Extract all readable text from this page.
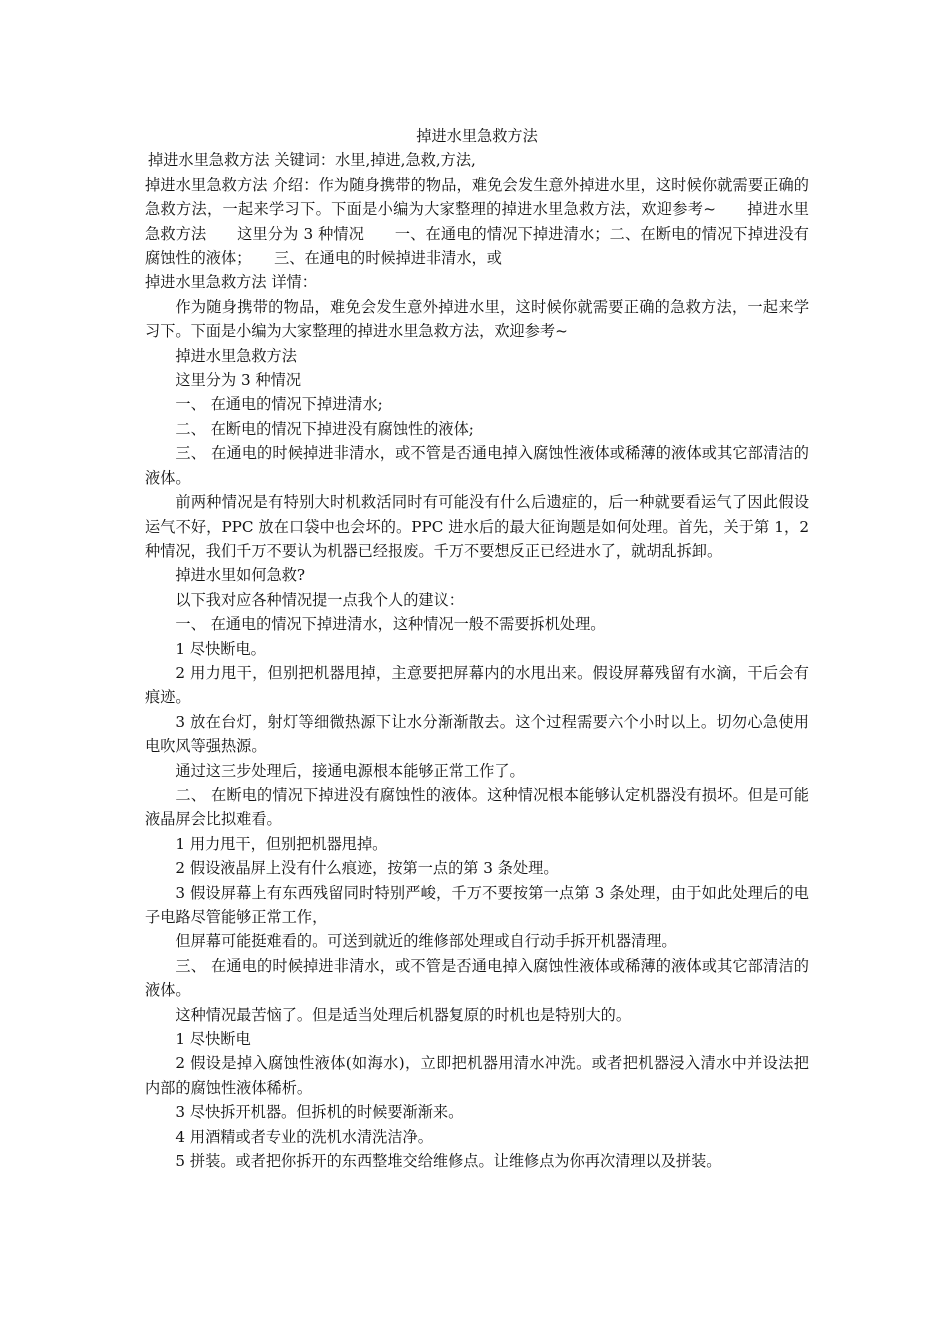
掉进水里急救方法

掉进水里急救方法 关键词：水里,掉进,急救,方法,

掉进水里急救方法 介绍：作为随身携带的物品，难免会发生意外掉进水里，这时候你就需要正确的急救方法，一起来学习下。下面是小编为大家整理的掉进水里急救方法，欢迎参考~　　掉进水里急救方法　　这里分为 3 种情况　　一、在通电的情况下掉进清水；二、在断电的情况下掉进没有腐蚀性的液体；　　三、在通电的时候掉进非清水，或

掉进水里急救方法 详情：

作为随身携带的物品，难免会发生意外掉进水里，这时候你就需要正确的急救方法，一起来学习下。下面是小编为大家整理的掉进水里急救方法，欢迎参考~

掉进水里急救方法

这里分为 3 种情况

一、 在通电的情况下掉进清水;

二、 在断电的情况下掉进没有腐蚀性的液体;

三、 在通电的时候掉进非清水，或不管是否通电掉入腐蚀性液体或稀薄的液体或其它部清洁的液体。

前两种情况是有特别大时机救活同时有可能没有什么后遗症的，后一种就要看运气了因此假设运气不好，PPC 放在口袋中也会坏的。PPC 进水后的最大征询题是如何处理。首先，关于第 1，2 种情况，我们千万不要认为机器已经报废。千万不要想反正已经进水了，就胡乱拆卸。

掉进水里如何急救?

以下我对应各种情况提一点我个人的建议：

一、 在通电的情况下掉进清水，这种情况一般不需要拆机处理。

1 尽快断电。

2 用力甩干，但别把机器甩掉，主意要把屏幕内的水甩出来。假设屏幕残留有水滴，干后会有痕迹。

3 放在台灯，射灯等细微热源下让水分渐渐散去。这个过程需要六个小时以上。切勿心急使用电吹风等强热源。

通过这三步处理后，接通电源根本能够正常工作了。

二、 在断电的情况下掉进没有腐蚀性的液体。这种情况根本能够认定机器没有损坏。但是可能液晶屏会比拟难看。

1 用力甩干，但别把机器甩掉。

2 假设液晶屏上没有什么痕迹，按第一点的第 3 条处理。

3 假设屏幕上有东西残留同时特别严峻，千万不要按第一点第 3 条处理，由于如此处理后的电子电路尽管能够正常工作，

但屏幕可能挺难看的。可送到就近的维修部处理或自行动手拆开机器清理。

三、 在通电的时候掉进非清水，或不管是否通电掉入腐蚀性液体或稀薄的液体或其它部清洁的液体。

这种情况最苦恼了。但是适当处理后机器复原的时机也是特别大的。

1 尽快断电

2 假设是掉入腐蚀性液体(如海水)，立即把机器用清水冲洗。或者把机器浸入清水中并设法把内部的腐蚀性液体稀析。

3 尽快拆开机器。但拆机的时候要渐渐来。

4 用酒精或者专业的洗机水清洗洁净。

5 拼装。或者把你拆开的东西整堆交给维修点。让维修点为你再次清理以及拼装。
